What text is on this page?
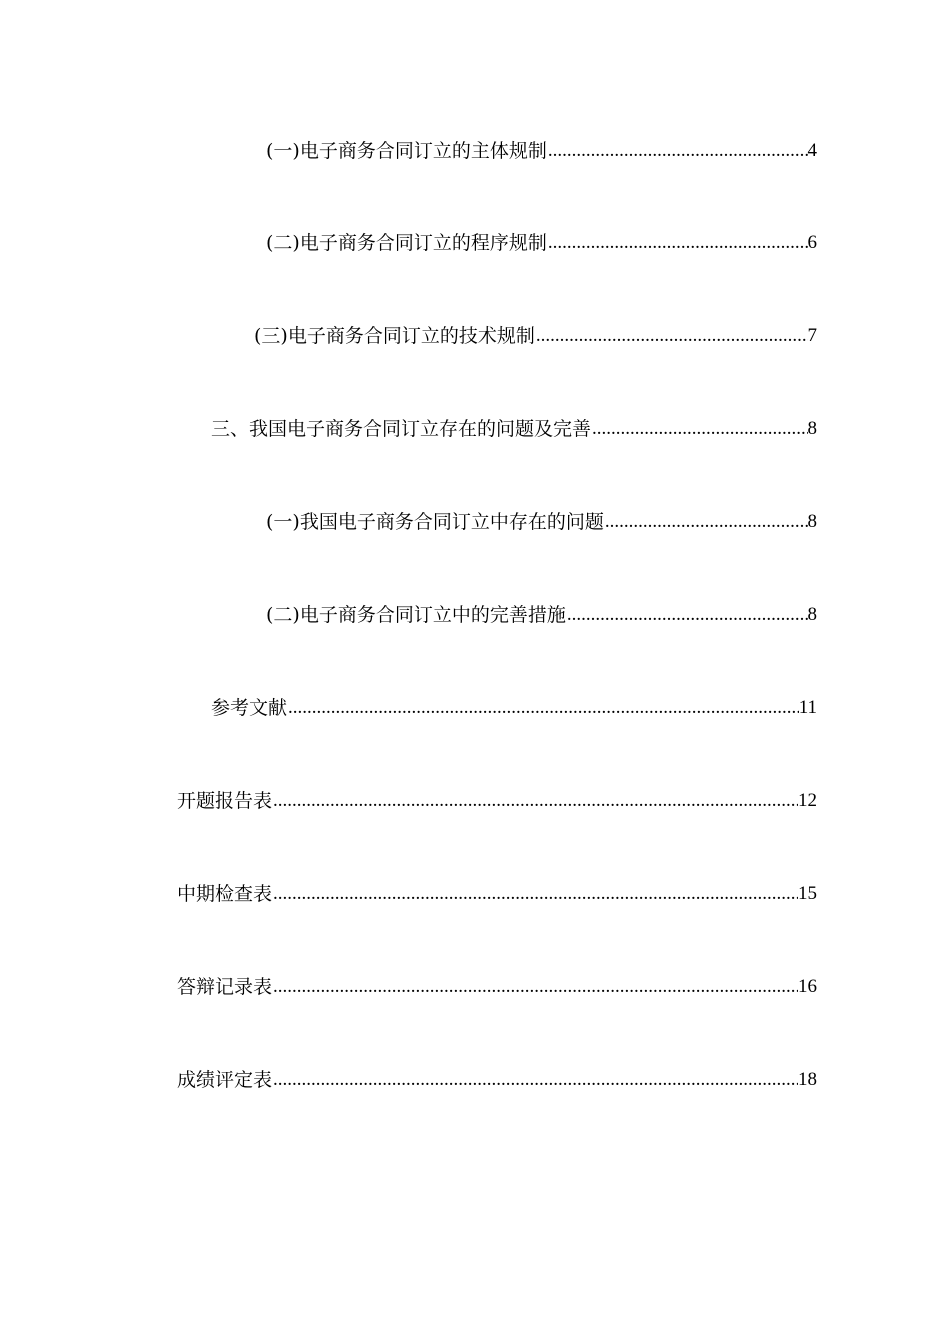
(一)电子商务合同订立的主体规制 .....	4
(二)电子商务合同订立的程序规制 .....	6
(三)电子商务合同订立的技术规制 .....	7
三、我国电子商务合同订立存在的问题及完善 .....	8
(一)我国电子商务合同订立中存在的问题 .....	8
(二)电子商务合同订立中的完善措施 .....	8
参考文献 .....	11
开题报告表 .....	12
中期检查表 .....	15
答辩记录表 .....	16
成绩评定表 .....	18
